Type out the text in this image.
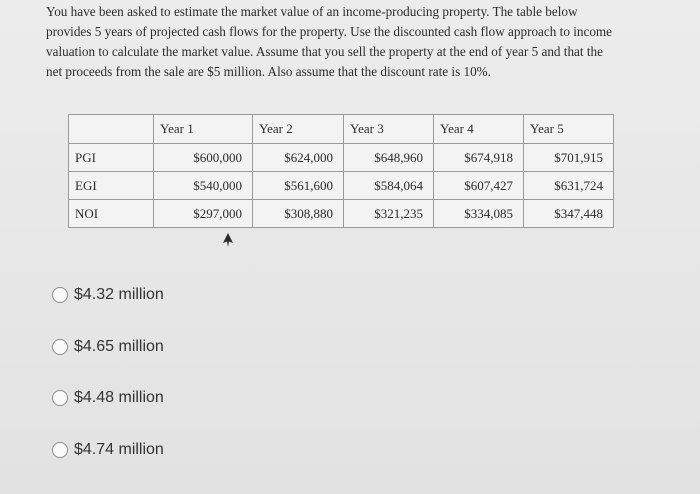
You have been asked to estimate the market value of an income-producing property. The table below
provides 5 years of projected cash flows for the property. Use the discounted cash flow approach to income
valuation to calculate the market value. Assume that you sell the property at the end of year 5 and that the
net proceeds from the sale are $5 million. Also assume that the discount rate is 10%.
	Year 1	Year 2	Year 3	Year 4	Year 5
PGI	$600,000	$624,000	$648,960	$674,918	$701,915
EGI	$540,000	$561,600	$584,064	$607,427	$631,724
NOI	$297,000	$308,880	$321,235	$334,085	$347,448
$4.32 million
$4.65 million
$4.48 million
$4.74 million
